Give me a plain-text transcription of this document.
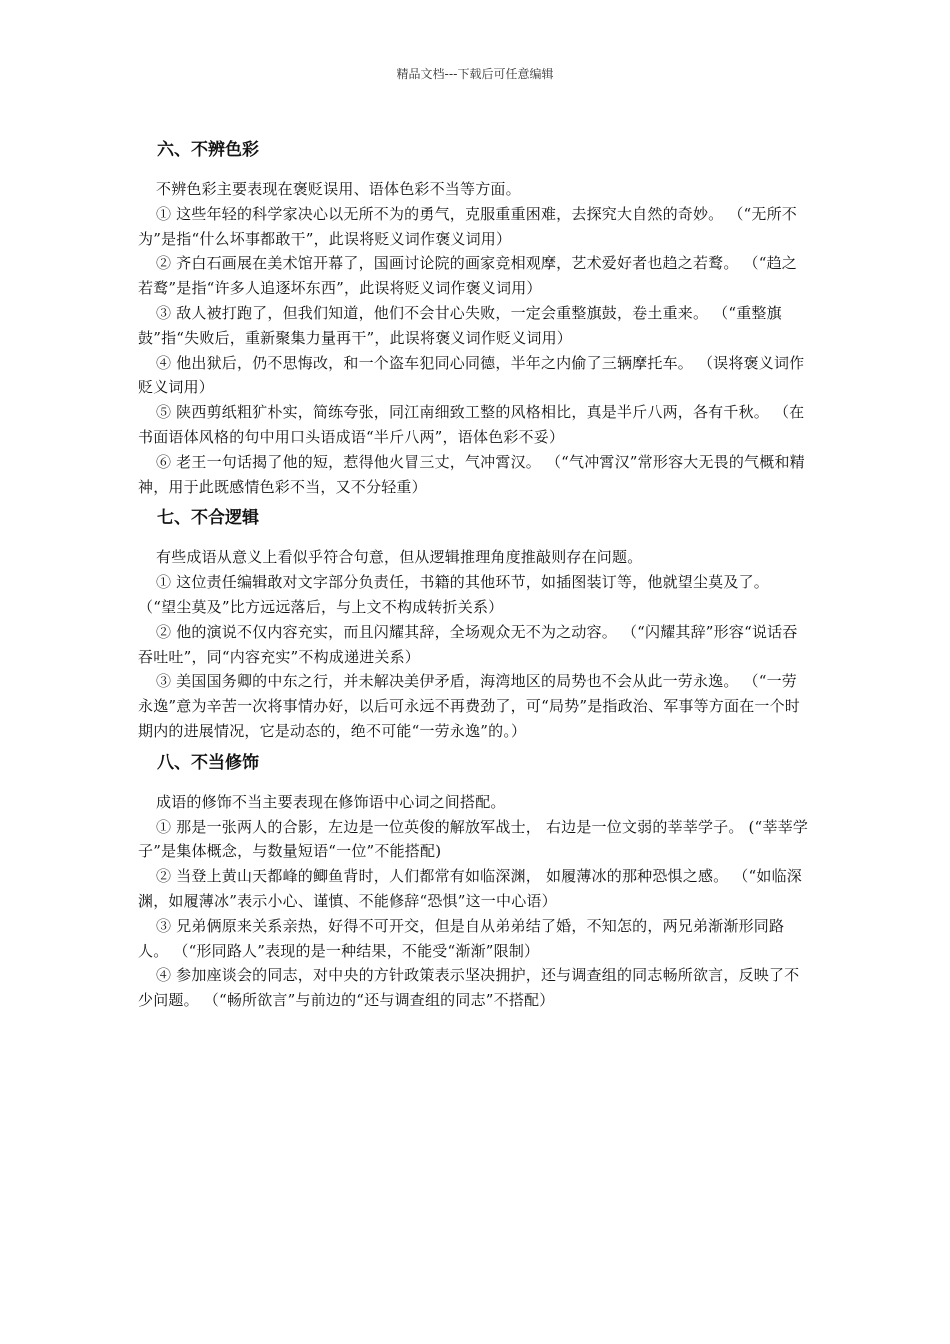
精品文档---下载后可任意编辑
六、不辨色彩

不辨色彩主要表现在褒贬误用、语体色彩不当等方面。

① 这些年轻的科学家决心以无所不为的勇气，克服重重困难，去探究大自然的奇妙。 （“无所不为”是指“什么坏事都敢干”，此误将贬义词作褒义词用）

② 齐白石画展在美术馆开幕了，国画讨论院的画家竞相观摩，艺术爱好者也趋之若鹜。 （“趋之若鹜”是指“许多人追逐坏东西”，此误将贬义词作褒义词用）

③ 敌人被打跑了，但我们知道，他们不会甘心失败，一定会重整旗鼓，卷土重来。 （“重整旗鼓”指“失败后，重新聚集力量再干”，此误将褒义词作贬义词用）

④ 他出狱后，仍不思悔改，和一个盗车犯同心同德，半年之内偷了三辆摩托车。 （误将褒义词作贬义词用）

⑤ 陕西剪纸粗犷朴实，简练夸张，同江南细致工整的风格相比，真是半斤八两，各有千秋。 （在书面语体风格的句中用口头语成语“半斤八两”，语体色彩不妥）

⑥ 老王一句话揭了他的短，惹得他火冒三丈，气冲霄汉。 （“气冲霄汉”常形容大无畏的气概和精神，用于此既感情色彩不当，又不分轻重）

七、不合逻辑

有些成语从意义上看似乎符合句意，但从逻辑推理角度推敲则存在问题。

① 这位责任编辑敢对文字部分负责任，书籍的其他环节，如插图装订等，他就望尘莫及了。 （“望尘莫及”比方远远落后，与上文不构成转折关系）

② 他的演说不仅内容充实，而且闪耀其辞，全场观众无不为之动容。 （“闪耀其辞”形容“说话吞吞吐吐”，同“内容充实”不构成递进关系）

③ 美国国务卿的中东之行，并未解决美伊矛盾，海湾地区的局势也不会从此一劳永逸。 （“一劳永逸”意为辛苦一次将事情办好，以后可永远不再费劲了，可“局势”是指政治、军事等方面在一个时期内的进展情况，它是动态的，绝不可能“一劳永逸”的。）

八、不当修饰

成语的修饰不当主要表现在修饰语中心词之间搭配。

① 那是一张两人的合影，左边是一位英俊的解放军战士， 右边是一位文弱的莘莘学子。 (“莘莘学子”是集体概念，与数量短语“一位”不能搭配)

② 当登上黄山天都峰的鲫鱼背时，人们都常有如临深渊， 如履薄冰的那种恐惧之感。 （“如临深渊，如履薄冰”表示小心、谨慎、不能修辞“恐惧”这一中心语）

③ 兄弟俩原来关系亲热，好得不可开交，但是自从弟弟结了婚，不知怎的，两兄弟渐渐形同路人。 （“形同路人”表现的是一种结果，不能受“渐渐”限制）

④ 参加座谈会的同志，对中央的方针政策表示坚决拥护，还与调查组的同志畅所欲言，反映了不少问题。 （“畅所欲言”与前边的“还与调查组的同志”不搭配）
